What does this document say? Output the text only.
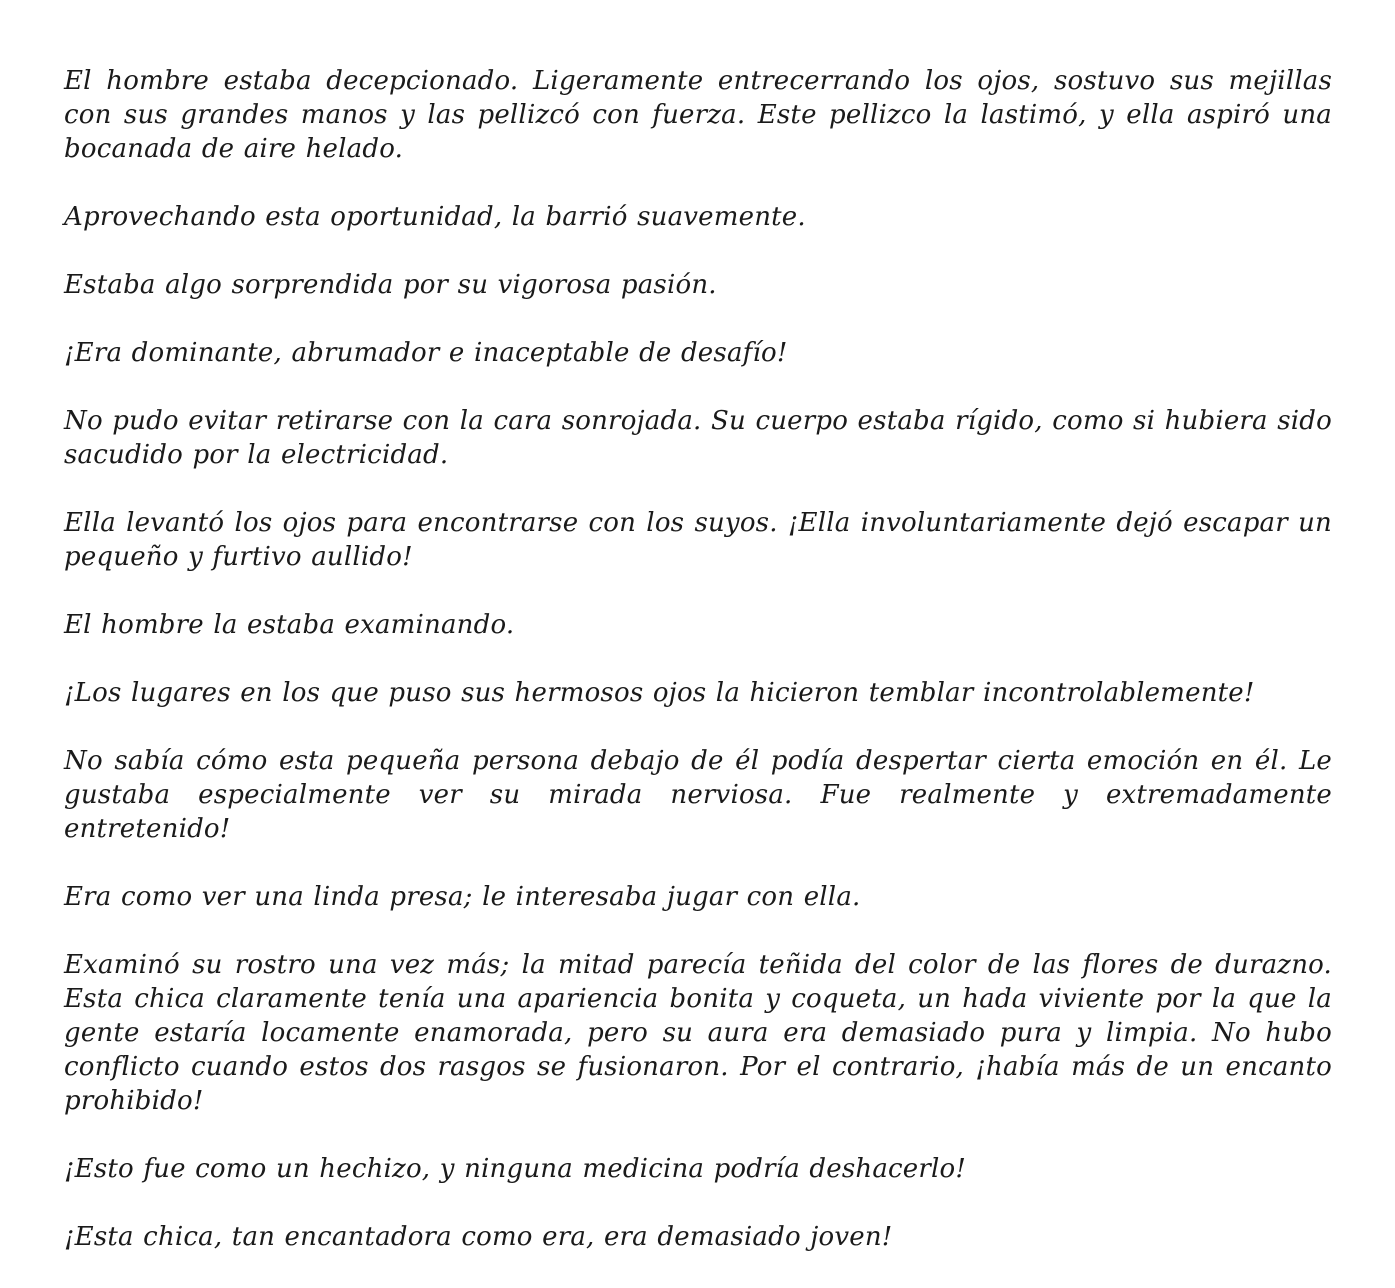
El hombre estaba decepcionado. Ligeramente entrecerrando los ojos, sostuvo sus mejillas con sus grandes manos y las pellizcó con fuerza. Este pellizco la lastimó, y ella aspiró una bocanada de aire helado.

Aprovechando esta oportunidad, la barrió suavemente.

Estaba algo sorprendida por su vigorosa pasión.

¡Era dominante, abrumador e inaceptable de desafío!

No pudo evitar retirarse con la cara sonrojada. Su cuerpo estaba rígido, como si hubiera sido sacudido por la electricidad.

Ella levantó los ojos para encontrarse con los suyos. ¡Ella involuntariamente dejó escapar un pequeño y furtivo aullido!

El hombre la estaba examinando.

¡Los lugares en los que puso sus hermosos ojos la hicieron temblar incontrolablemente!

No sabía cómo esta pequeña persona debajo de él podía despertar cierta emoción en él. Le gustaba especialmente ver su mirada nerviosa. Fue realmente y extremadamente entretenido!

Era como ver una linda presa; le interesaba jugar con ella.

Examinó su rostro una vez más; la mitad parecía teñida del color de las flores de durazno. Esta chica claramente tenía una apariencia bonita y coqueta, un hada viviente por la que la gente estaría locamente enamorada, pero su aura era demasiado pura y limpia. No hubo conflicto cuando estos dos rasgos se fusionaron. Por el contrario, ¡había más de un encanto prohibido!

¡Esto fue como un hechizo, y ninguna medicina podría deshacerlo!

¡Esta chica, tan encantadora como era, era demasiado joven!
